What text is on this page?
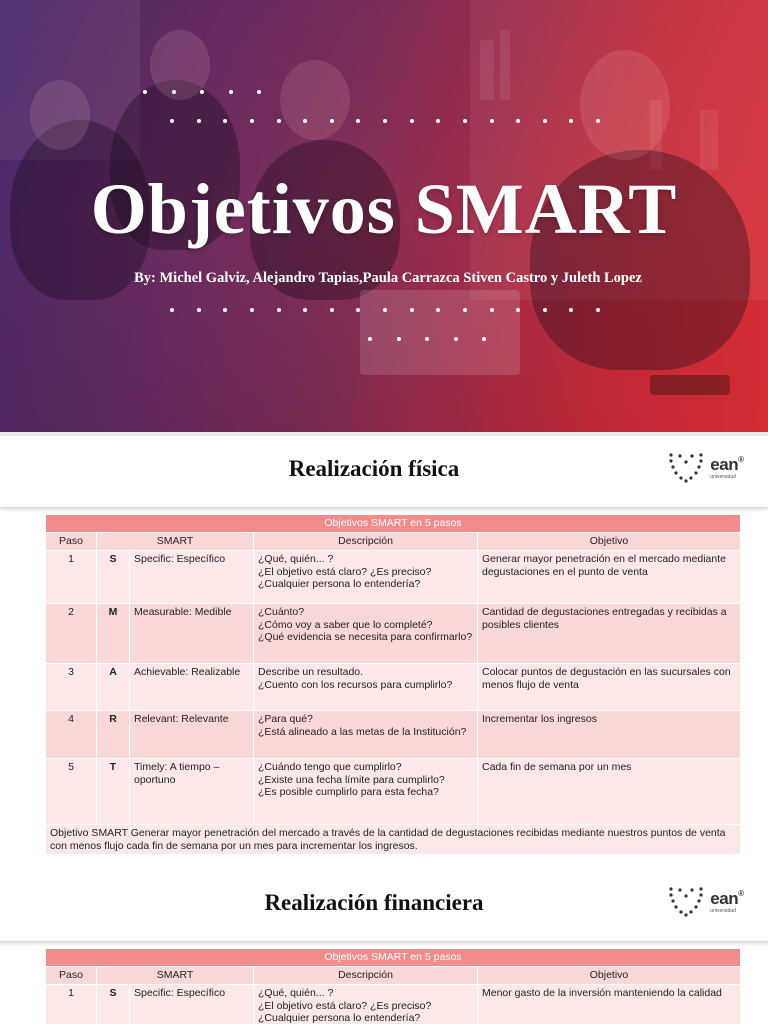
Objetivos SMART
By: Michel Galviz, Alejandro Tapias,Paula Carrazca Stiven Castro y Juleth Lopez
Realización física	ean®
universidad
Objetivos SMART en 5 pasos				
Paso	SMART		Descripción	Objetivo
1	S	Specific: Específico	¿Qué, quién... ?
¿El objetivo está claro? ¿Es preciso?
¿Cualquier persona lo entendería?	Generar mayor penetración en el mercado mediante degustaciones en el punto de venta
2	M	Measurable: Medible	¿Cuánto?
¿Cómo voy a saber que lo completé?
¿Qué evidencia se necesita para confirmarlo?	Cantidad de degustaciones entregadas y recibidas a posibles clientes
3	A	Achievable: Realizable	Describe un resultado.
¿Cuento con los recursos para cumplirlo?	Colocar puntos de degustación en las sucursales con menos flujo de venta
4	R	Relevant: Relevante	¿Para qué?
¿Está alineado a las metas de la Institución?	Incrementar los ingresos
5	T	Timely: A tiempo – oportuno	¿Cuándo tengo que cumplirlo?
¿Existe una fecha límite para cumplirlo?
¿Es posible cumplirlo para esta fecha?	Cada fin de semana por un mes
Objetivo SMART Generar mayor penetración del mercado a través de la cantidad de degustaciones recibidas mediante nuestros puntos de venta con menos flujo cada fin de semana por un mes para incrementar los ingresos.				
Realización financiera	ean®
universidad
Objetivos SMART en 5 pasos				
Paso	SMART		Descripción	Objetivo
1	S	Specific: Específico	¿Qué, quién... ?
¿El objetivo está claro? ¿Es preciso?
¿Cualquier persona lo entendería?	Menor gasto de la inversión manteniendo la calidad
